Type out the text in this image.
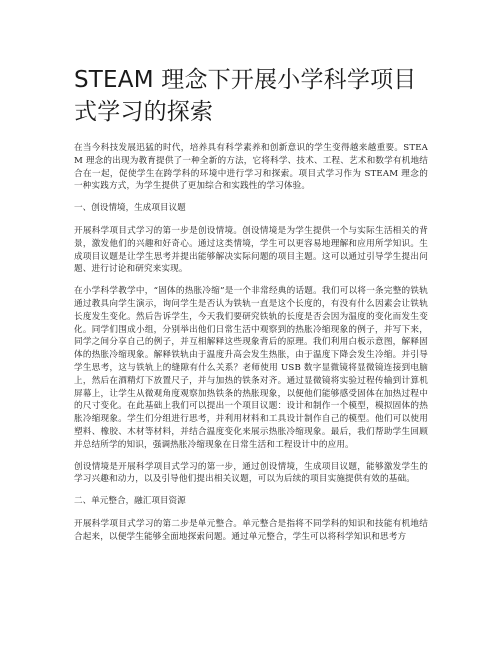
STEAM 理念下开展小学科学项目式学习的探索

在当今科技发展迅猛的时代，培养具有科学素养和创新意识的学生变得越来越重要。STEAM 理念的出现为教育提供了一种全新的方法，它将科学、技术、工程、艺术和数学有机地结合在一起，促使学生在跨学科的环境中进行学习和探索。项目式学习作为 STEAM 理念的一种实践方式，为学生提供了更加综合和实践性的学习体验。

一、创设情境，生成项目议题

开展科学项目式学习的第一步是创设情境。创设情境是为学生提供一个与实际生活相关的背景，激发他们的兴趣和好奇心。通过这类情境，学生可以更容易地理解和应用所学知识。生成项目议题是让学生思考并提出能够解决实际问题的项目主题。这可以通过引导学生提出问题、进行讨论和研究来实现。

在小学科学教学中，“固体的热胀冷缩”是一个非常经典的话题。我们可以将一条完整的铁轨通过教具向学生演示，询问学生是否认为铁轨一直是这个长度的，有没有什么因素会让铁轨长度发生变化。然后告诉学生，今天我们要研究铁轨的长度是否会因为温度的变化而发生变化。同学们围成小组，分别举出他们日常生活中观察到的热胀冷缩现象的例子，并写下来，同学之间分享自己的例子，并互相解释这些现象背后的原理。我们利用白板示意图，解释固体的热胀冷缩现象。解释铁轨由于温度升高会发生热胀，由于温度下降会发生冷缩。并引导学生思考，这与铁轨上的缝隙有什么关系？老师使用 USB 数字显微镜将显微镜连接到电脑上，然后在酒精灯下放置尺子，并与加热的铁条对齐。通过显微镜将实验过程传输到计算机屏幕上，让学生从微观角度观察加热铁条的热胀现象，以便他们能够感受固体在加热过程中的尺寸变化。在此基础上我们可以提出一个项目议题：设计和制作一个模型，模拟固体的热胀冷缩现象。学生们分组进行思考，并利用材料和工具设计制作自己的模型。他们可以使用塑料、橡胶、木材等材料，并结合温度变化来展示热胀冷缩现象。最后，我们帮助学生回顾并总结所学的知识，强调热胀冷缩现象在日常生活和工程设计中的应用。

创设情境是开展科学项目式学习的第一步，通过创设情境，生成项目议题，能够激发学生的学习兴趣和动力，以及引导他们提出相关议题，可以为后续的项目实施提供有效的基础。

二、单元整合，融汇项目资源

开展科学项目式学习的第二步是单元整合。单元整合是指将不同学科的知识和技能有机地结合起来，以便学生能够全面地探索问题。通过单元整合，学生可以将科学知识和思考方
